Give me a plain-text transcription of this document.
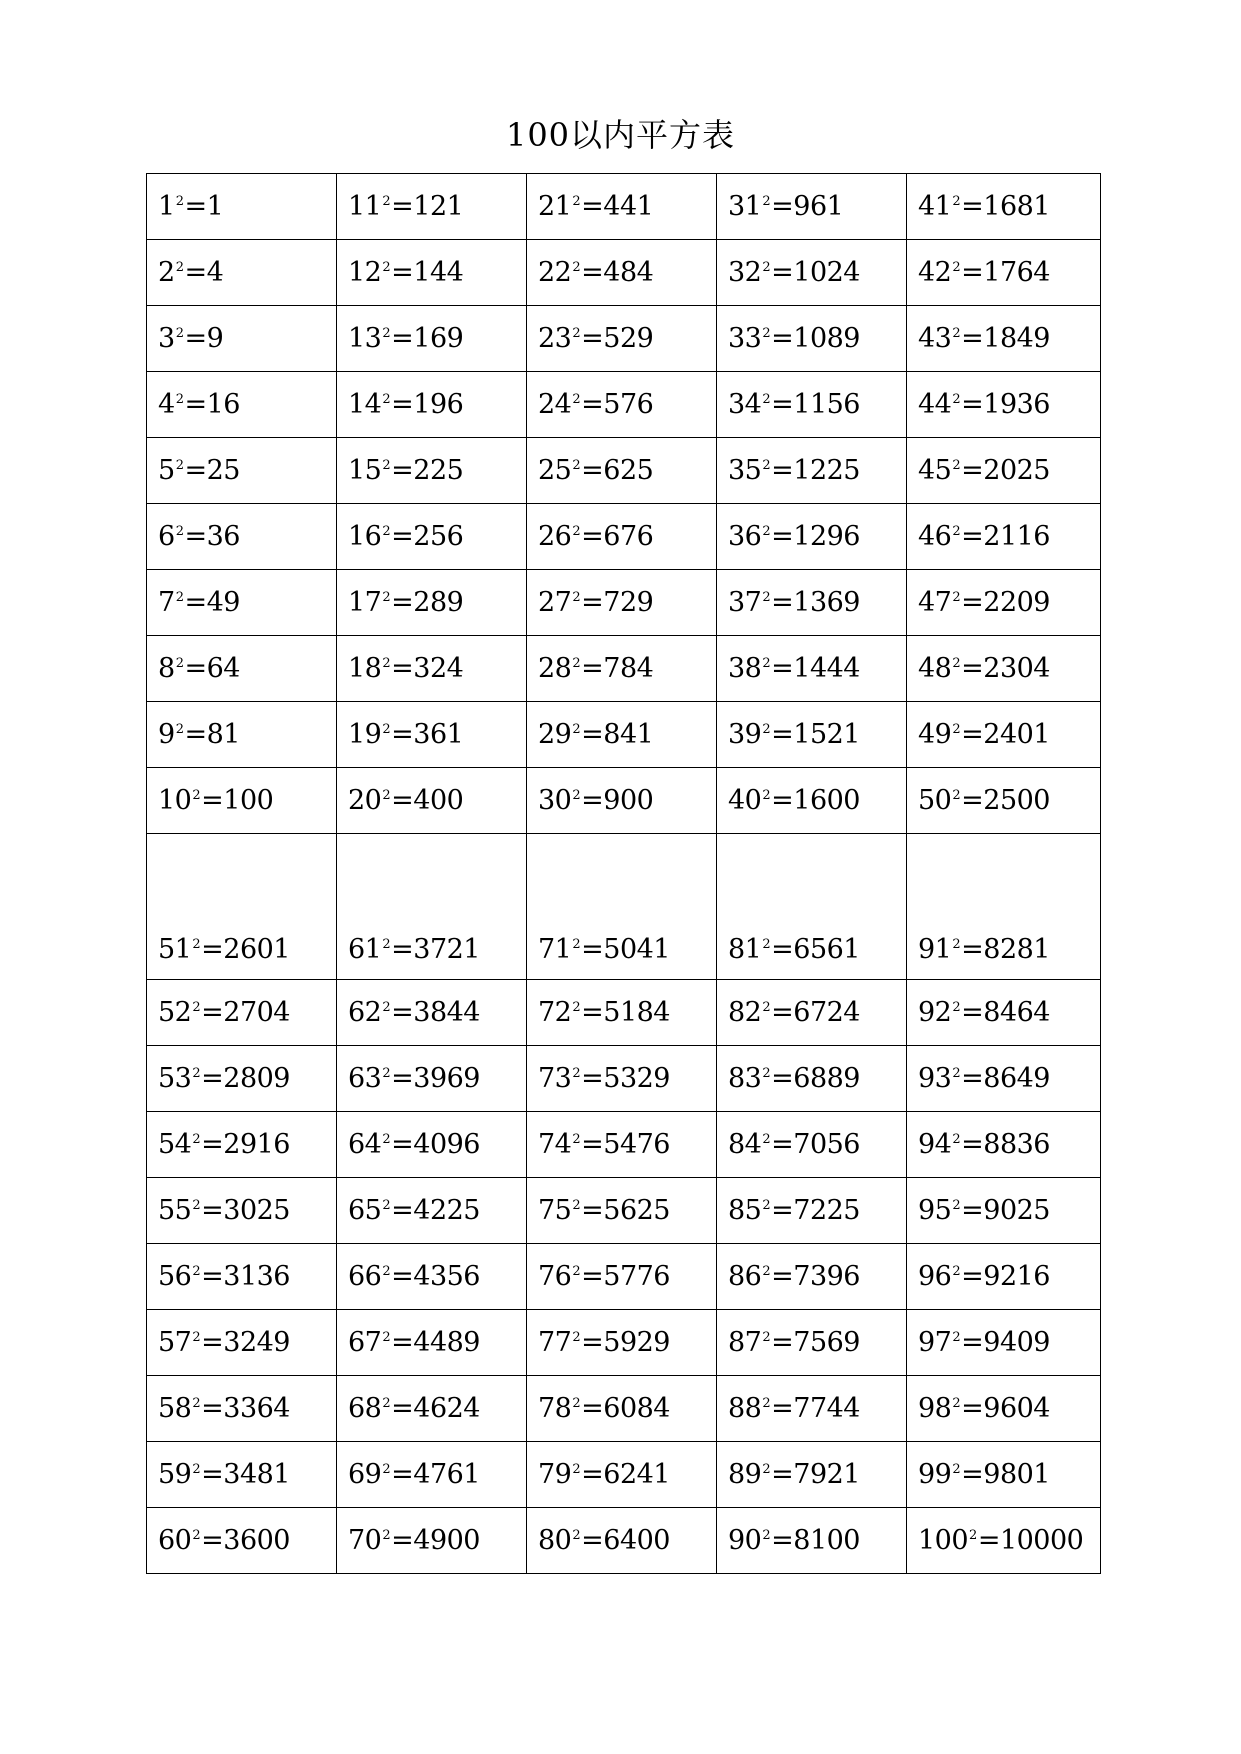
100以内平方表
$1^2=1$	$11^2=121$	$21^2=441$	$31^2=961$	$41^2=1681$
$2^2=4$	$12^2=144$	$22^2=484$	$32^2=1024$	$42^2=1764$
$3^2=9$	$13^2=169$	$23^2=529$	$33^2=1089$	$43^2=1849$
$4^2=16$	$14^2=196$	$24^2=576$	$34^2=1156$	$44^2=1936$
$5^2=25$	$15^2=225$	$25^2=625$	$35^2=1225$	$45^2=2025$
$6^2=36$	$16^2=256$	$26^2=676$	$36^2=1296$	$46^2=2116$
$7^2=49$	$17^2=289$	$27^2=729$	$37^2=1369$	$47^2=2209$
$8^2=64$	$18^2=324$	$28^2=784$	$38^2=1444$	$48^2=2304$
$9^2=81$	$19^2=361$	$29^2=841$	$39^2=1521$	$49^2=2401$
$10^2=100$	$20^2=400$	$30^2=900$	$40^2=1600$	$50^2=2500$
$51^2=2601$	$61^2=3721$	$71^2=5041$	$81^2=6561$	$91^2=8281$
$52^2=2704$	$62^2=3844$	$72^2=5184$	$82^2=6724$	$92^2=8464$
$53^2=2809$	$63^2=3969$	$73^2=5329$	$83^2=6889$	$93^2=8649$
$54^2=2916$	$64^2=4096$	$74^2=5476$	$84^2=7056$	$94^2=8836$
$55^2=3025$	$65^2=4225$	$75^2=5625$	$85^2=7225$	$95^2=9025$
$56^2=3136$	$66^2=4356$	$76^2=5776$	$86^2=7396$	$96^2=9216$
$57^2=3249$	$67^2=4489$	$77^2=5929$	$87^2=7569$	$97^2=9409$
$58^2=3364$	$68^2=4624$	$78^2=6084$	$88^2=7744$	$98^2=9604$
$59^2=3481$	$69^2=4761$	$79^2=6241$	$89^2=7921$	$99^2=9801$
$60^2=3600$	$70^2=4900$	$80^2=6400$	$90^2=8100$	$100^2=10000$
